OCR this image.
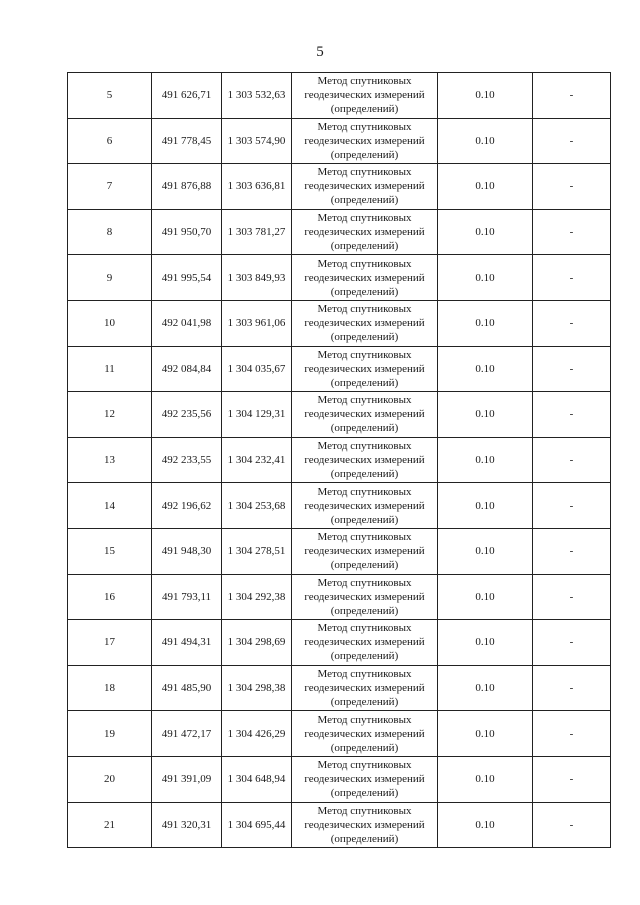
5
5	491 626,71	1 303 532,63	Метод спутниковых
геодезических измерений
(определений)	0.10	-
6	491 778,45	1 303 574,90	Метод спутниковых
геодезических измерений
(определений)	0.10	-
7	491 876,88	1 303 636,81	Метод спутниковых
геодезических измерений
(определений)	0.10	-
8	491 950,70	1 303 781,27	Метод спутниковых
геодезических измерений
(определений)	0.10	-
9	491 995,54	1 303 849,93	Метод спутниковых
геодезических измерений
(определений)	0.10	-
10	492 041,98	1 303 961,06	Метод спутниковых
геодезических измерений
(определений)	0.10	-
11	492 084,84	1 304 035,67	Метод спутниковых
геодезических измерений
(определений)	0.10	-
12	492 235,56	1 304 129,31	Метод спутниковых
геодезических измерений
(определений)	0.10	-
13	492 233,55	1 304 232,41	Метод спутниковых
геодезических измерений
(определений)	0.10	-
14	492 196,62	1 304 253,68	Метод спутниковых
геодезических измерений
(определений)	0.10	-
15	491 948,30	1 304 278,51	Метод спутниковых
геодезических измерений
(определений)	0.10	-
16	491 793,11	1 304 292,38	Метод спутниковых
геодезических измерений
(определений)	0.10	-
17	491 494,31	1 304 298,69	Метод спутниковых
геодезических измерений
(определений)	0.10	-
18	491 485,90	1 304 298,38	Метод спутниковых
геодезических измерений
(определений)	0.10	-
19	491 472,17	1 304 426,29	Метод спутниковых
геодезических измерений
(определений)	0.10	-
20	491 391,09	1 304 648,94	Метод спутниковых
геодезических измерений
(определений)	0.10	-
21	491 320,31	1 304 695,44	Метод спутниковых
геодезических измерений
(определений)	0.10	-
